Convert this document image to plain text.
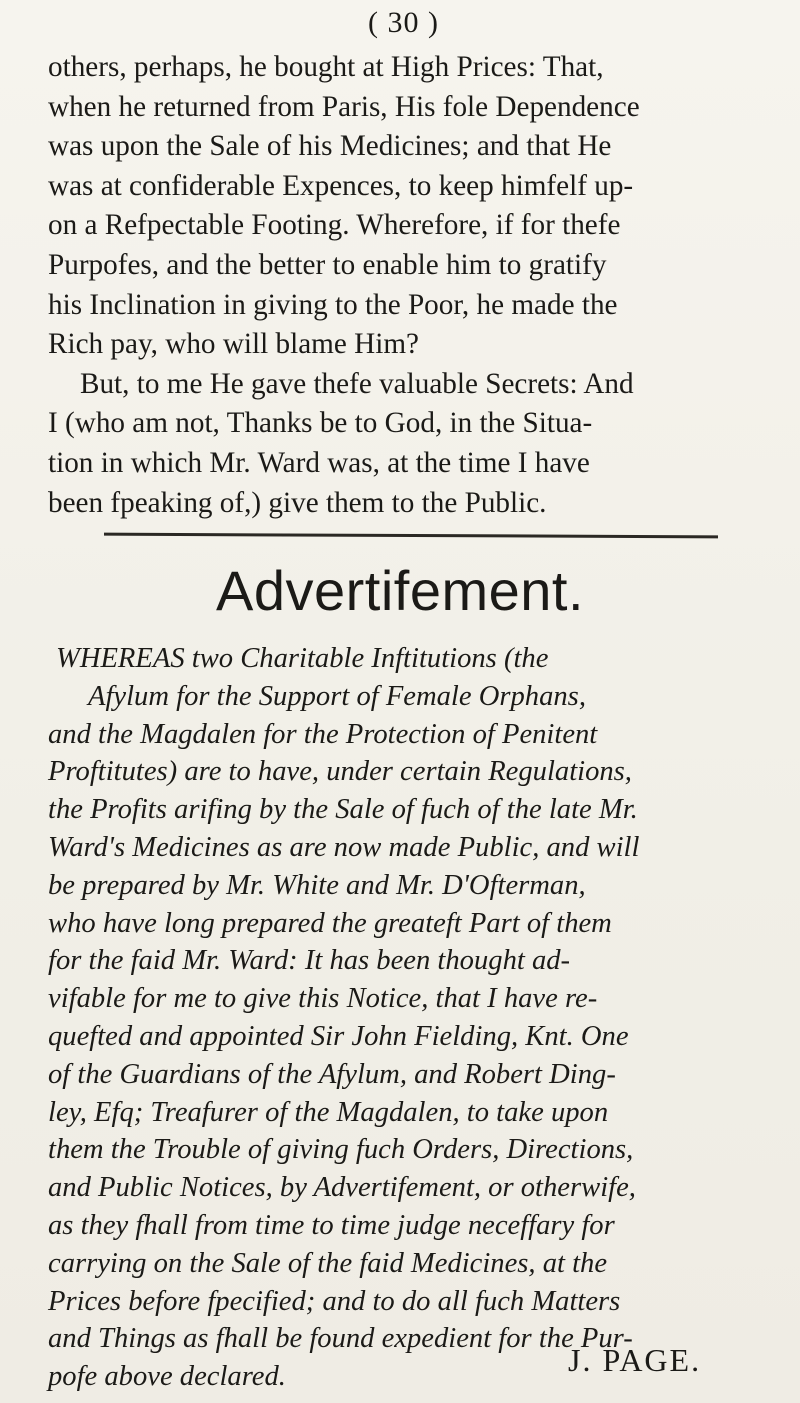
( 30 )
others, perhaps, he bought at High Prices: That,
when he returned from Paris, His fole Dependence
was upon the Sale of his Medicines; and that He
was at confiderable Expences, to keep himfelf up-
on a Refpectable Footing. Wherefore, if for thefe
Purpofes, and the better to enable him to gratify
his Inclination in giving to the Poor, he made the
Rich pay, who will blame Him?
But, to me He gave thefe valuable Secrets: And
I (who am not, Thanks be to God, in the Situa-
tion in which Mr. Ward was, at the time I have
been fpeaking of,) give them to the Public.
Advertifement.
WHEREAS two Charitable Inftitutions (the
Afylum for the Support of Female Orphans,
and the Magdalen for the Protection of Penitent
Proftitutes) are to have, under certain Regulations,
the Profits arifing by the Sale of fuch of the late Mr.
Ward's Medicines as are now made Public, and will
be prepared by Mr. White and Mr. D'Ofterman,
who have long prepared the greateft Part of them
for the faid Mr. Ward: It has been thought ad-
vifable for me to give this Notice, that I have re-
quefted and appointed Sir John Fielding, Knt. One
of the Guardians of the Afylum, and Robert Ding-
ley, Efq; Treafurer of the Magdalen, to take upon
them the Trouble of giving fuch Orders, Directions,
and Public Notices, by Advertifement, or otherwife,
as they fhall from time to time judge neceffary for
carrying on the Sale of the faid Medicines, at the
Prices before fpecified; and to do all fuch Matters
and Things as fhall be found expedient for the Pur-
pofe above declared.	J. PAGE.
